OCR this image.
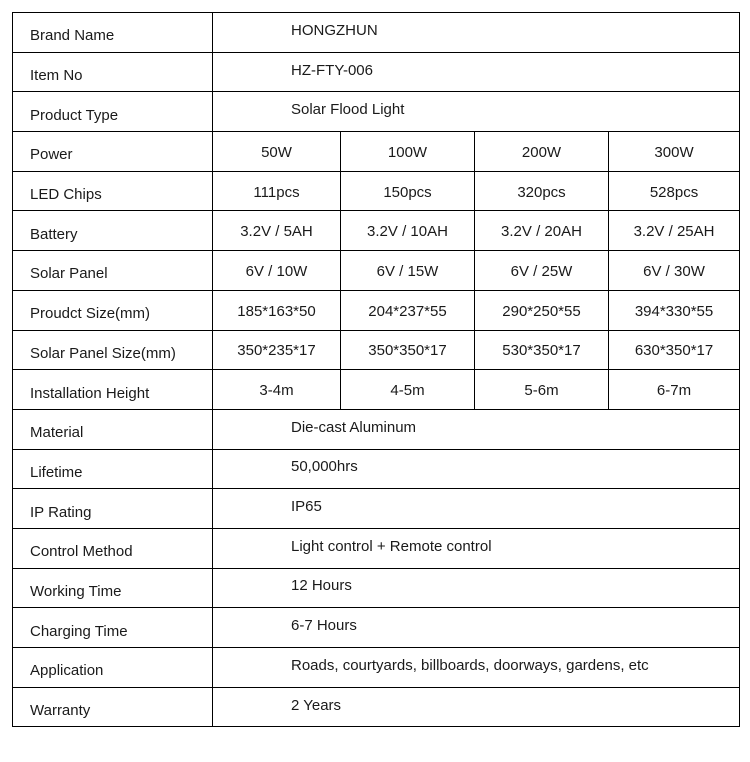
Brand Name	HONGZHUN			
Item No	HZ-FTY-006			
Product Type	Solar Flood Light			
Power	50W	100W	200W	300W
LED Chips	111pcs	150pcs	320pcs	528pcs
Battery	3.2V / 5AH	3.2V / 10AH	3.2V / 20AH	3.2V / 25AH
Solar Panel	6V / 10W	6V / 15W	6V / 25W	6V / 30W
Proudct Size(mm)	185*163*50	204*237*55	290*250*55	394*330*55
Solar Panel Size(mm)	350*235*17	350*350*17	530*350*17	630*350*17
Installation Height	3-4m	4-5m	5-6m	6-7m
Material	Die-cast Aluminum			
Lifetime	50,000hrs			
IP Rating	IP65			
Control Method	Light control + Remote control			
Working Time	12 Hours			
Charging Time	6-7 Hours			
Application	Roads, courtyards, billboards, doorways, gardens, etc			
Warranty	2 Years			
